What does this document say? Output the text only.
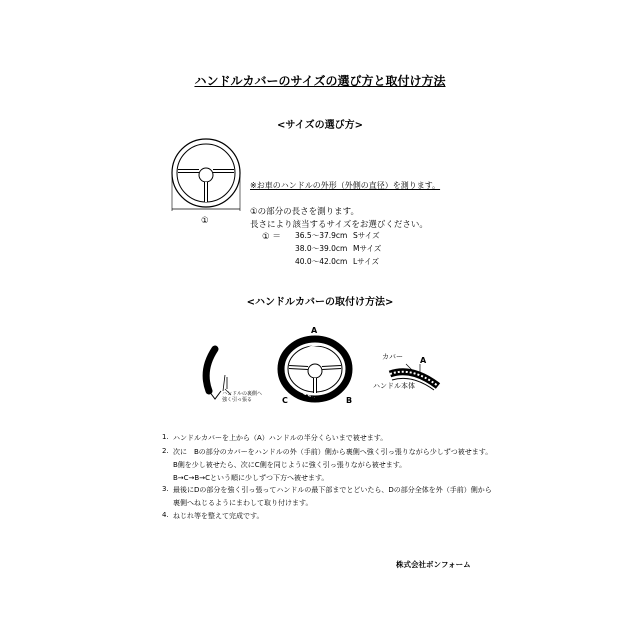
ハンドルカバーのサイズの選び方と取付け方法
<サイズの選び方>
①
※お車のハンドルの外形（外側の直径）を測ります。
①の部分の長さを測ります。
長さにより該当するサイズをお選びください。
① ＝ 36.5〜37.9cm Sサイズ
38.0〜39.0cm Mサイズ
40.0〜42.0cm Lサイズ
<ハンドルカバーの取付け方法>
ハンドルの裏側へ
強く引っ張る
A
C	D	B
カバー A
ハンドル本体
1. ハンドルカバーを上から（A）ハンドルの半分くらいまで被せます。
2. 次に　Bの部分のカバーをハンドルの外（手前）側から裏側へ強く引っ張りながら少しずつ被せます。
B側を少し被せたら、次にC側を同じように強く引っ張りながら被せます。
B→C→B→Cという順に少しずつ下方へ被せます。
3. 最後にDの部分を強く引っ張ってハンドルの最下部までとどいたら、Dの部分全体を外（手前）側から
裏側へねじるようにまわして取り付けます。
4. ねじれ等を整えて完成です。
株式会社ボンフォーム
